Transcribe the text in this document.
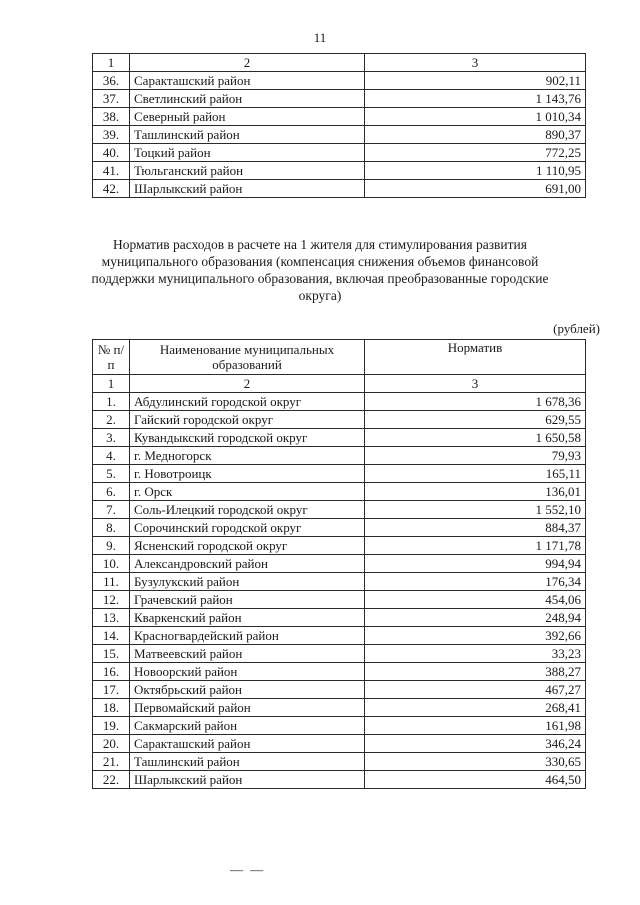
11
1	2	3
36.	Саракташский район	902,11
37.	Светлинский район	1 143,76
38.	Северный район	1 010,34
39.	Ташлинский район	890,37
40.	Тоцкий район	772,25
41.	Тюльганский район	1 110,95
42.	Шарлыкский район	691,00
Норматив расходов в расчете на 1 жителя для стимулирования развития муниципального образования (компенсация снижения объемов финансовой поддержки муниципального образования, включая преобразованные городские округа)
(рублей)
№ п/п	Наименование муниципальных образований	Норматив
1	2	3
1.	Абдулинский городской округ	1 678,36
2.	Гайский городской округ	629,55
3.	Кувандыкский городской округ	1 650,58
4.	г. Медногорск	79,93
5.	г. Новотроицк	165,11
6.	г. Орск	136,01
7.	Соль-Илецкий городской округ	1 552,10
8.	Сорочинский городской округ	884,37
9.	Ясненский городской округ	1 171,78
10.	Александровский район	994,94
11.	Бузулукский район	176,34
12.	Грачевский район	454,06
13.	Кваркенский район	248,94
14.	Красногвардейский район	392,66
15.	Матвеевский район	33,23
16.	Новоорский район	388,27
17.	Октябрьский район	467,27
18.	Первомайский район	268,41
19.	Сакмарский район	161,98
20.	Саракташский район	346,24
21.	Ташлинский район	330,65
22.	Шарлыкский район	464,50
— —
